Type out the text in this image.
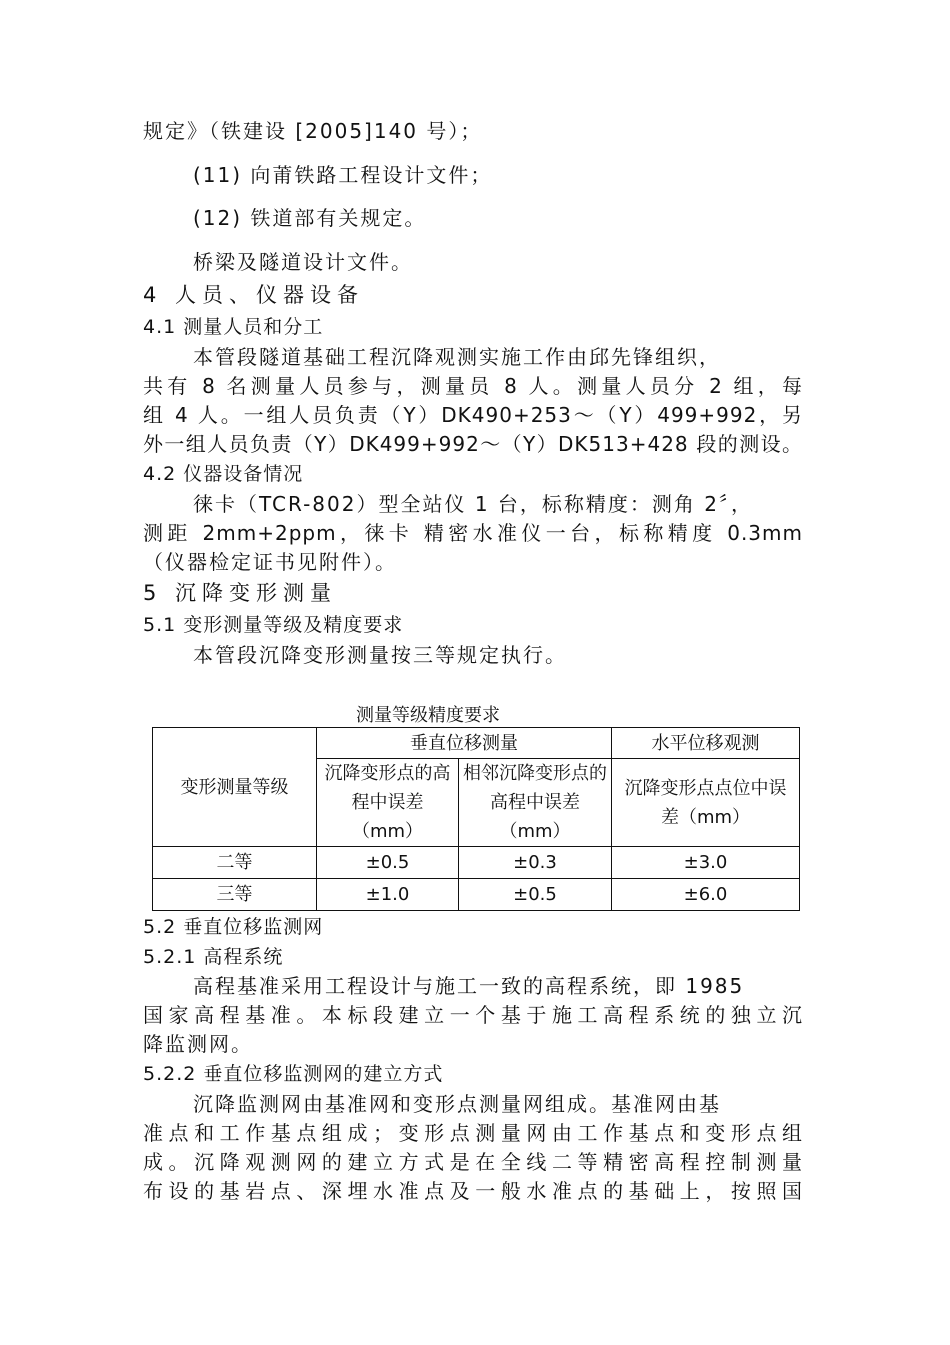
规定》（铁建设 [2005]140 号）；
(11) 向莆铁路工程设计文件；
(12) 铁道部有关规定。
桥梁及隧道设计文件。
4 人员、仪器设备
4.1 测量人员和分工
本管段隧道基础工程沉降观测实施工作由邱先锋组织，
共有 8 名测量人员参与，测量员 8 人。测量人员分 2 组，每
组 4 人。一组人员负责（Y）DK490+253～（Y）499+992，另
外一组人员负责（Y）DK499+992～（Y）DK513+428 段的测设。
4.2 仪器设备情况
徕卡（TCR-802）型全站仪 1 台，标称精度：测角 2〞，
测距 2mm+2ppm，徕卡 精密水准仪一台，标称精度 0.3mm
（仪器检定证书见附件）。
5 沉降变形测量
5.1 变形测量等级及精度要求
本管段沉降变形测量按三等规定执行。
测量等级精度要求
变形测量等级	垂直位移测量		水平位移观测
	沉降变形点的高程中误差（mm）	相邻沉降变形点的高程中误差（mm）	沉降变形点点位中误差（mm）
二等	±0.5	±0.3	±3.0
三等	±1.0	±0.5	±6.0
5.2 垂直位移监测网
5.2.1 高程系统
高程基准采用工程设计与施工一致的高程系统，即 1985
国家高程基准。本标段建立一个基于施工高程系统的独立沉
降监测网。
5.2.2 垂直位移监测网的建立方式
沉降监测网由基准网和变形点测量网组成。基准网由基
准点和工作基点组成；变形点测量网由工作基点和变形点组
成。沉降观测网的建立方式是在全线二等精密高程控制测量
布设的基岩点、深埋水准点及一般水准点的基础上，按照国
